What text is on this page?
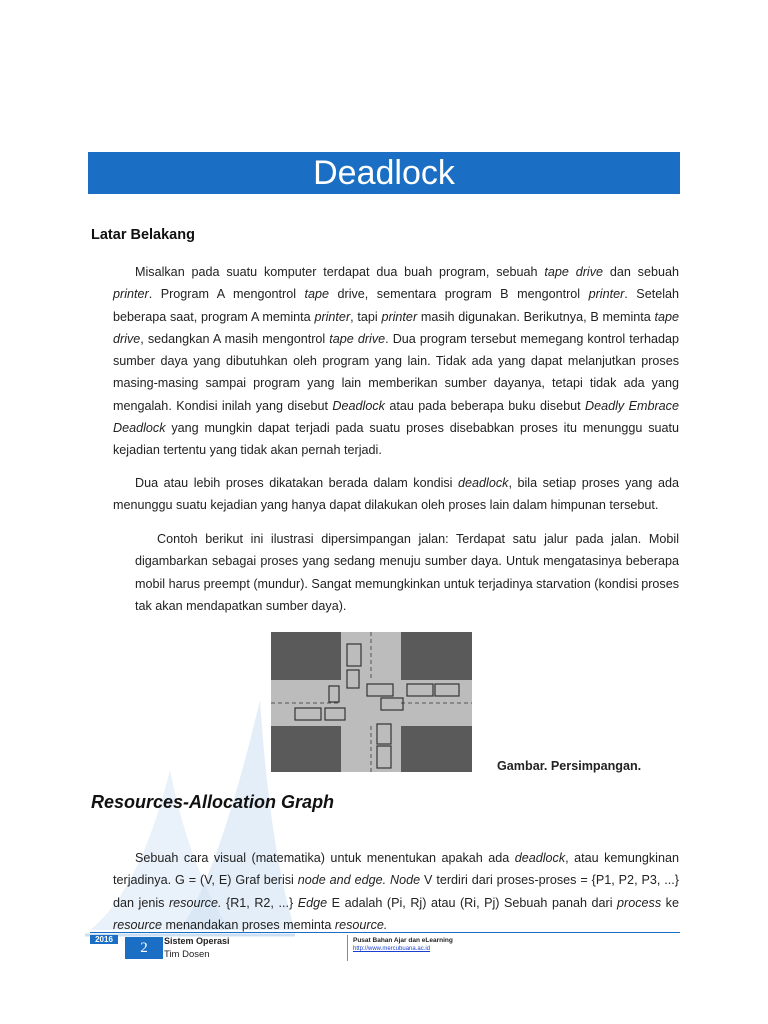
Deadlock
Latar Belakang

Misalkan pada suatu komputer terdapat dua buah program, sebuah tape drive dan sebuah printer. Program A mengontrol tape drive, sementara program B mengontrol printer. Setelah beberapa saat, program A meminta printer, tapi printer masih digunakan. Berikutnya, B meminta tape drive, sedangkan A masih mengontrol tape drive. Dua program tersebut memegang kontrol terhadap sumber daya yang dibutuhkan oleh program yang lain. Tidak ada yang dapat melanjutkan proses masing-masing sampai program yang lain memberikan sumber dayanya, tetapi tidak ada yang mengalah. Kondisi inilah yang disebut Deadlock atau pada beberapa buku disebut Deadly Embrace Deadlock yang mungkin dapat terjadi pada suatu proses disebabkan proses itu menunggu suatu kejadian tertentu yang tidak akan pernah terjadi.

Dua atau lebih proses dikatakan berada dalam kondisi deadlock, bila setiap proses yang ada menunggu suatu kejadian yang hanya dapat dilakukan oleh proses lain dalam himpunan tersebut.

Contoh berikut ini ilustrasi dipersimpangan jalan: Terdapat satu jalur pada jalan. Mobil digambarkan sebagai proses yang sedang menuju sumber daya. Untuk mengatasinya beberapa mobil harus preempt (mundur). Sangat memungkinkan untuk terjadinya starvation (kondisi proses tak akan mendapatkan sumber daya).

Gambar. Persimpangan.
Resources-Allocation Graph

Sebuah cara visual (matematika) untuk menentukan apakah ada deadlock, atau kemungkinan terjadinya. G = (V, E) Graf berisi node and edge. Node V terdiri dari proses-proses = {P1, P2, P3, ...} dan jenis resource. {R1, R2, ...} Edge E adalah (Pi, Rj) atau (Ri, Pj) Sebuah panah dari process ke resource menandakan proses meminta resource.

2016
2	Sistem Operasi
Tim Dosen
Pusat Bahan Ajar dan eLearning
http://www.mercubuana.ac.id
